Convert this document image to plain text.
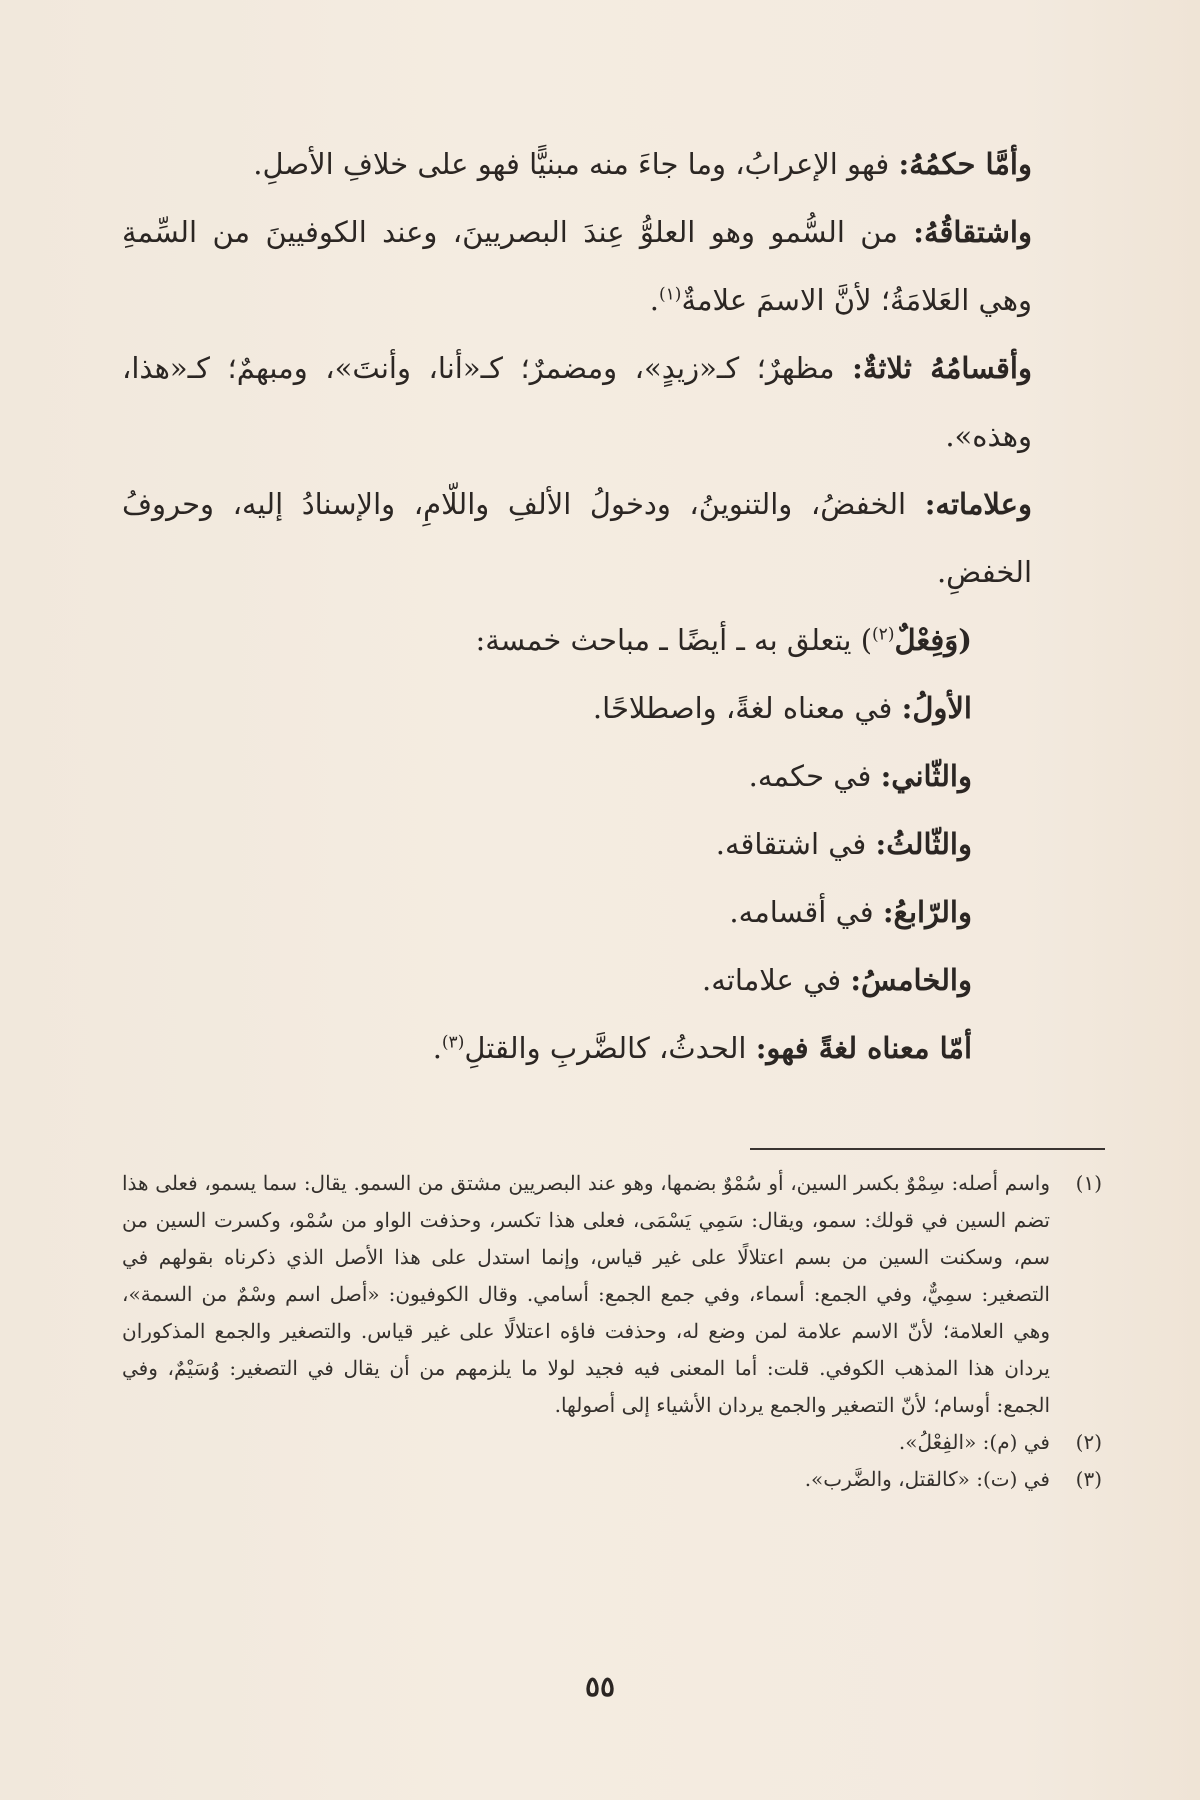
وأمَّا حكمُهُ: فهو الإعرابُ، وما جاءَ منه مبنيًّا فهو على خلافِ الأصلِ.

واشتقاقُهُ: من السُّمو وهو العلوُّ عِندَ البصريينَ، وعند الكوفيينَ من السِّمةِ وهي العَلامَةُ؛ لأنَّ الاسمَ علامةٌ$^{(١)}$.

وأقسامُهُ ثلاثةٌ: مظهرٌ؛ كـ«زيدٍ»، ومضمرٌ؛ كـ«أنا، وأنتَ»، ومبهمٌ؛ كـ«هذا، وهذه».

وعلاماته: الخفضُ، والتنوينُ، ودخولُ الألفِ واللّامِ، والإسنادُ إليه، وحروفُ الخفضِ.

(وَفِعْلٌ$^{(٢)}$) يتعلق به ـ أيضًا ـ مباحث خمسة:

الأولُ: في معناه لغةً، واصطلاحًا.

والثّاني: في حكمه.

والثّالثُ: في اشتقاقه.

والرّابعُ: في أقسامه.

والخامسُ: في علاماته.

أمّا معناه لغةً فهو: الحدثُ، كالضَّربِ والقتلِ$^{(٣)}$.

(١)
واسم أصله: سِمْوٌ بكسر السين، أو سُمْوٌ بضمها، وهو عند البصريين مشتق من السمو. يقال: سما يسمو، فعلى هذا تضم السين في قولك: سمو، ويقال: سَمِي يَسْمَى، فعلى هذا تكسر، وحذفت الواو من سُمْو، وكسرت السين من سم، وسكنت السين من بسم اعتلالًا على غير قياس، وإنما استدل على هذا الأصل الذي ذكرناه بقولهم في التصغير: سمِيٌّ، وفي الجمع: أسماء، وفي جمع الجمع: أسامي. وقال الكوفيون: «أصل اسم وسْمٌ من السمة»، وهي العلامة؛ لأنّ الاسم علامة لمن وضع له، وحذفت فاؤه اعتلالًا على غير قياس. والتصغير والجمع المذكوران يردان هذا المذهب الكوفي. قلت: أما المعنى فيه فجيد لولا ما يلزمهم من أن يقال في التصغير: وُسَيْمٌ، وفي الجمع: أوسام؛ لأنّ التصغير والجمع يردان الأشياء إلى أصولها.

(٢)
في (م): «الفِعْلُ».

(٣)
في (ت): «كالقتل، والضَّرب».

٥٥
